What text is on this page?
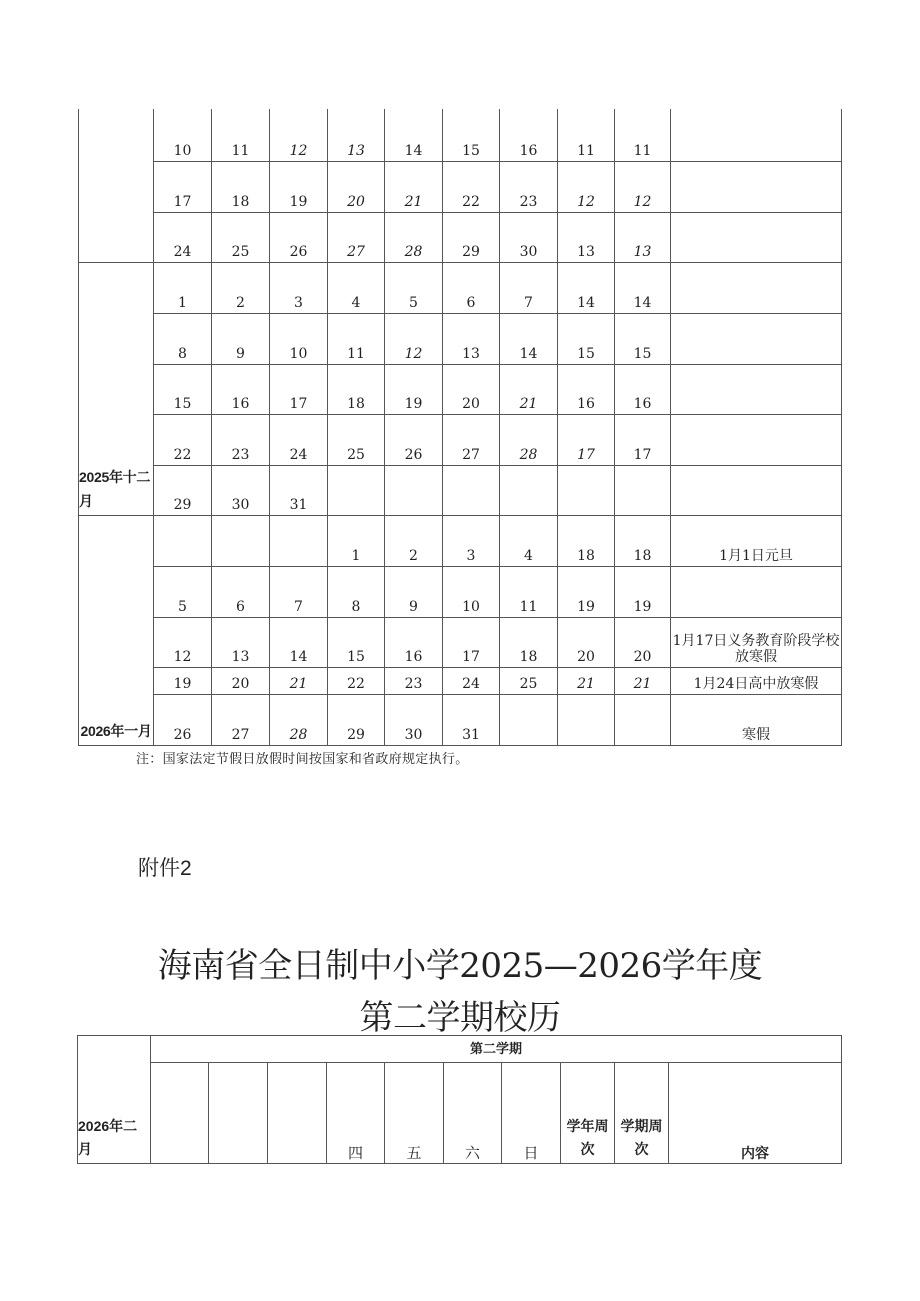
	10	11	12	13	14	15	16	11	11	
	17	18	19	20	21	22	23	12	12	
	24	25	26	27	28	29	30	13	13	

2025年十二月	1	2	3	4	5	6	7	14	14	
	8	9	10	11	12	13	14	15	15	
	15	16	17	18	19	20	21	16	16	
	22	23	24	25	26	27	28	17	17	
	29	30	31							

2026年一月				1	2	3	4	18	18	1月1日元旦
	5	6	7	8	9	10	11	19	19	
	12	13	14	15	16	17	18	20	20	1月17日义务教育阶段学校放寒假
	19	20	21	22	23	24	25	21	21	1月24日高中放寒假
	26	27	28	29	30	31				寒假
注：国家法定节假日放假时间按国家和省政府规定执行。
附件2
海南省全日制中小学2025—2026学年度
第二学期校历
2026年二月	第二学期									
				四	五	六	日	学年周次	学期周次	内容
